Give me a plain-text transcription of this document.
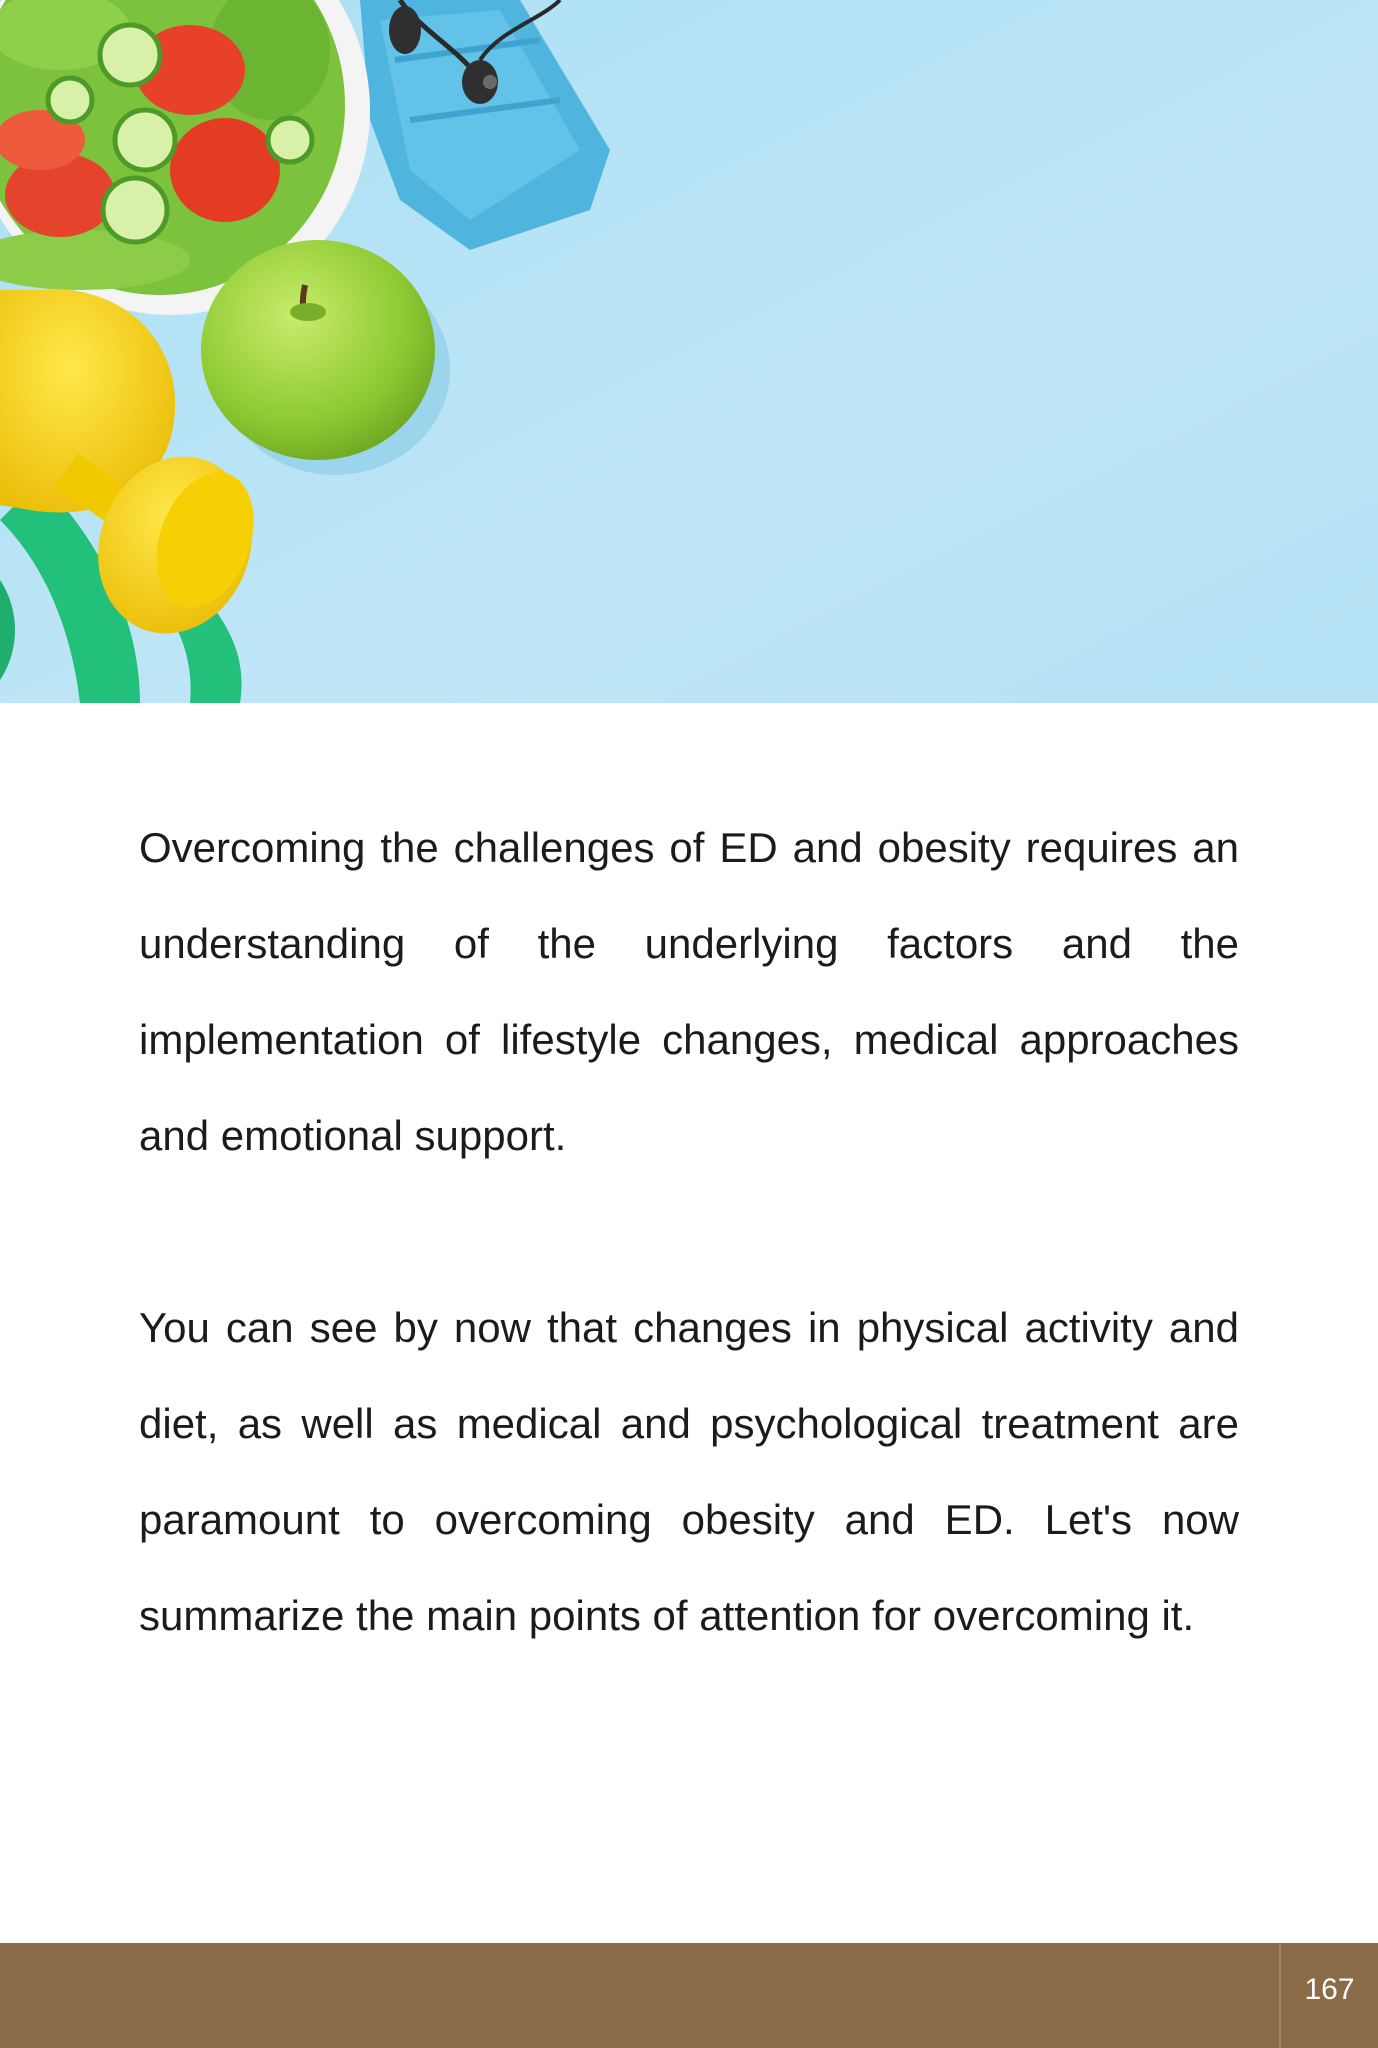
Overcoming the challenges of ED and obesity requires an understanding of the underlying factors and the implementation of lifestyle changes, medical approaches and emotional support.

You can see by now that changes in physical activity and diet, as well as medical and psychological treatment are paramount to overcoming obesity and ED. Let's now summarize the main points of attention for overcoming it.

167
